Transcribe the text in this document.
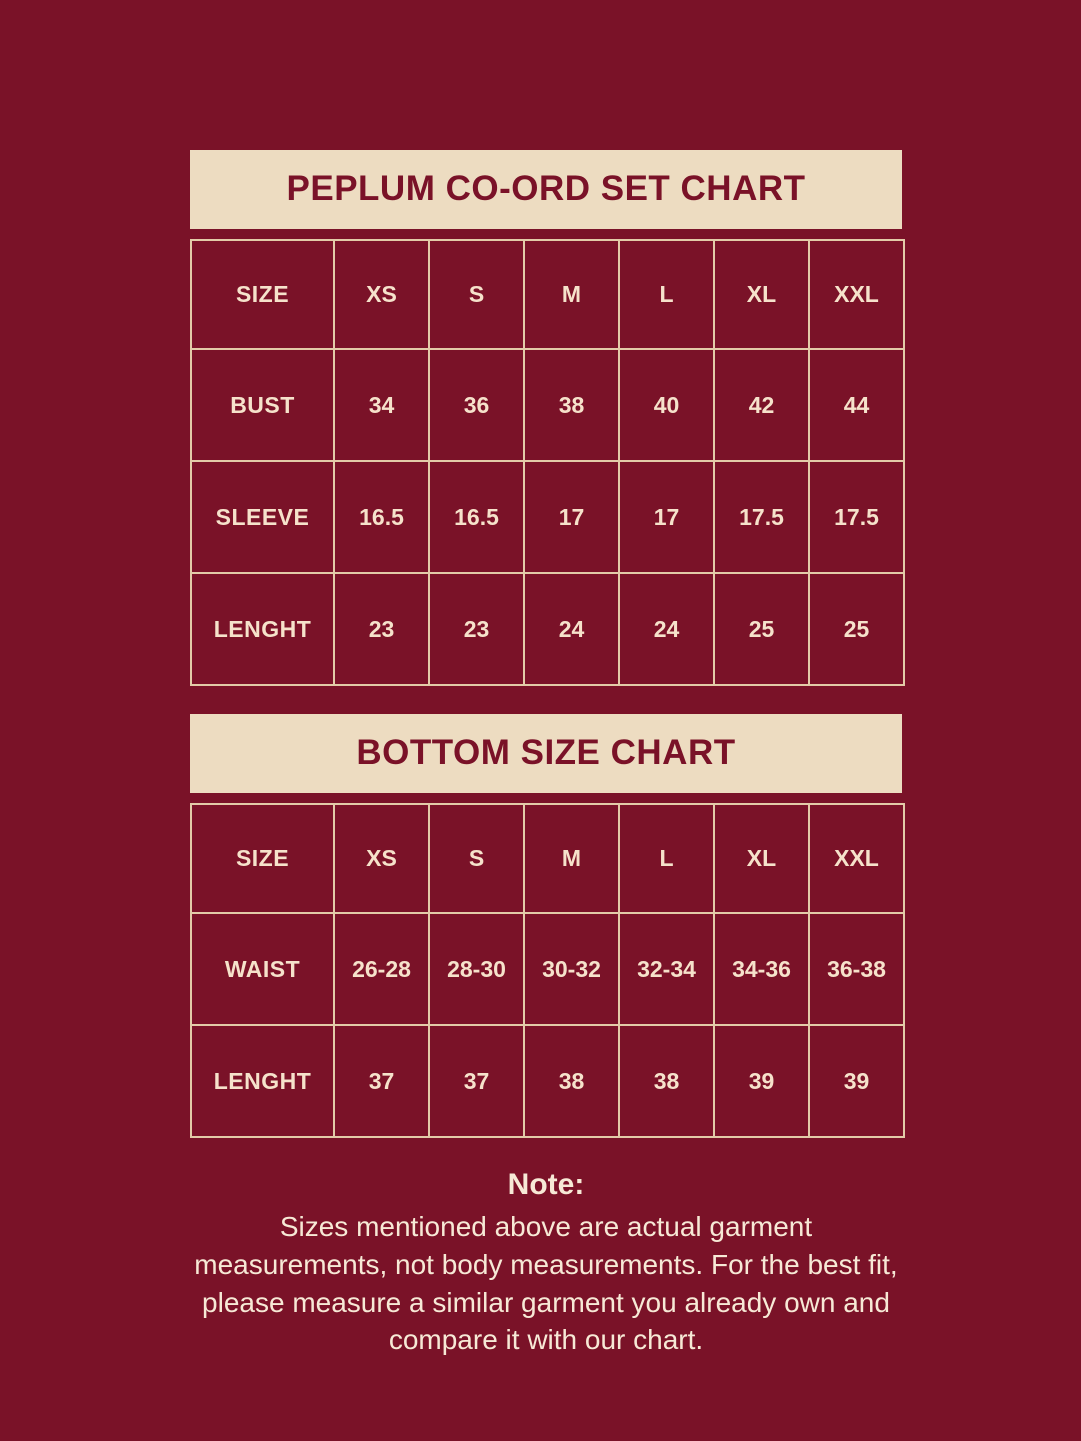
PEPLUM CO-ORD SET CHART
SIZE	XS	S	M	L	XL	XXL
BUST	34	36	38	40	42	44
SLEEVE	16.5	16.5	17	17	17.5	17.5
LENGHT	23	23	24	24	25	25
BOTTOM SIZE CHART
SIZE	XS	S	M	L	XL	XXL
WAIST	26-28	28-30	30-32	32-34	34-36	36-38
LENGHT	37	37	38	38	39	39
Note:
Sizes mentioned above are actual garment measurements, not body measurements. For the best fit, please measure a similar garment you already own and compare it with our chart.
